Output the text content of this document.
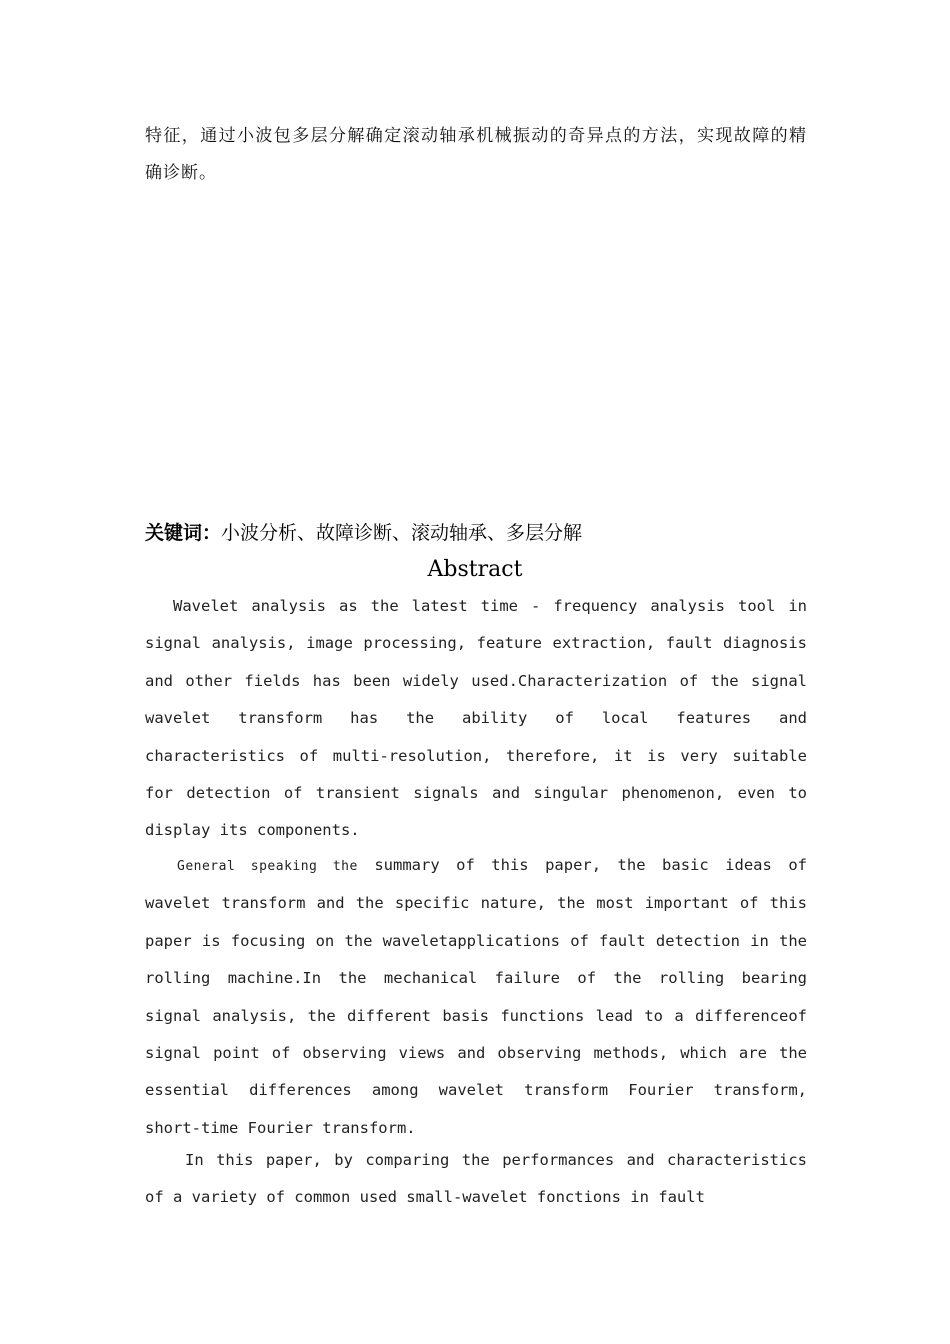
特征，通过小波包多层分解确定滚动轴承机械振动的奇异点的方法，实现故障的精确诊断。
关键词：小波分析、故障诊断、滚动轴承、多层分解
Abstract

Wavelet analysis as the latest time - frequency analysis tool in signal analysis, image processing, feature extraction, fault diagnosis and other fields has been widely used.Characterization of the signal wavelet transform has the ability of local features and characteristics of multi-resolution, therefore, it is very suitable for detection of transient signals and singular phenomenon, even to display its components.

General speaking the summary of this paper, the basic ideas of wavelet transform and the specific nature, the most important of this paper is focusing on the waveletapplications of fault detection in the rolling machine.In the mechanical failure of the rolling bearing signal analysis, the different basis functions lead to a differenceof signal point of observing views and observing methods, which are the essential differences among wavelet transform Fourier transform, short-time Fourier transform.

In this paper, by comparing the performances and characteristics of a variety of common used small-wavelet fonctions in fault
